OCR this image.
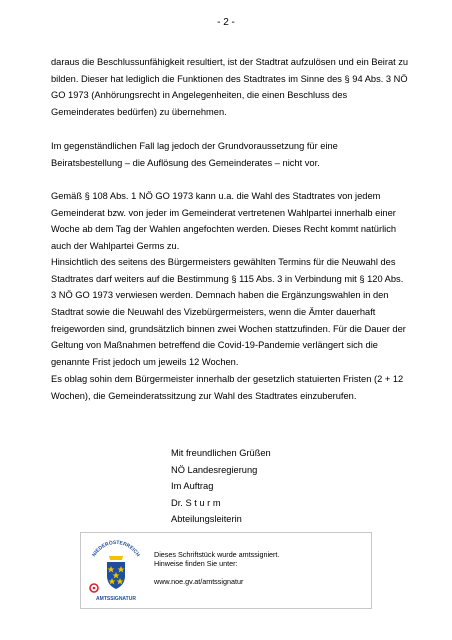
- 2 -

daraus die Beschlussunfähigkeit resultiert, ist der Stadtrat aufzulösen und ein Beirat zu bilden. Dieser hat lediglich die Funktionen des Stadtrates im Sinne des § 94 Abs. 3 NÖ GO 1973 (Anhörungsrecht in Angelegenheiten, die einen Beschluss des Gemeinderates bedürfen) zu übernehmen.

Im gegenständlichen Fall lag jedoch der Grundvoraussetzung für eine Beiratsbestellung – die Auflösung des Gemeinderates – nicht vor.

Gemäß § 108 Abs. 1 NÖ GO 1973 kann u.a. die Wahl des Stadtrates von jedem Gemeinderat bzw. von jeder im Gemeinderat vertretenen Wahlpartei innerhalb einer Woche ab dem Tag der Wahlen angefochten werden. Dieses Recht kommt natürlich auch der Wahlpartei Germs zu.

Hinsichtlich des seitens des Bürgermeisters gewählten Termins für die Neuwahl des Stadtrates darf weiters auf die Bestimmung § 115 Abs. 3 in Verbindung mit § 120 Abs. 3 NÖ GO 1973 verwiesen werden. Demnach haben die Ergänzungswahlen in den Stadtrat sowie die Neuwahl des Vizebürgermeisters, wenn die Ämter dauerhaft freigeworden sind, grundsätzlich binnen zwei Wochen stattzufinden. Für die Dauer der Geltung von Maßnahmen betreffend die Covid-19-Pandemie verlängert sich die genannte Frist jedoch um jeweils 12 Wochen.

Es oblag sohin dem Bürgermeister innerhalb der gesetzlich statuierten Fristen (2 + 12 Wochen), die Gemeinderatssitzung zur Wahl des Stadtrates einzuberufen.

Mit freundlichen Grüßen
NÖ Landesregierung
Im Auftrag
Dr. S t u r m
Abteilungsleiterin
NIEDERÖSTERREICH
AMTSSIGNATUR
Dieses Schriftstück wurde amtssigniert.
Hinweise finden Sie unter:
www.noe.gv.at/amtssignatur
